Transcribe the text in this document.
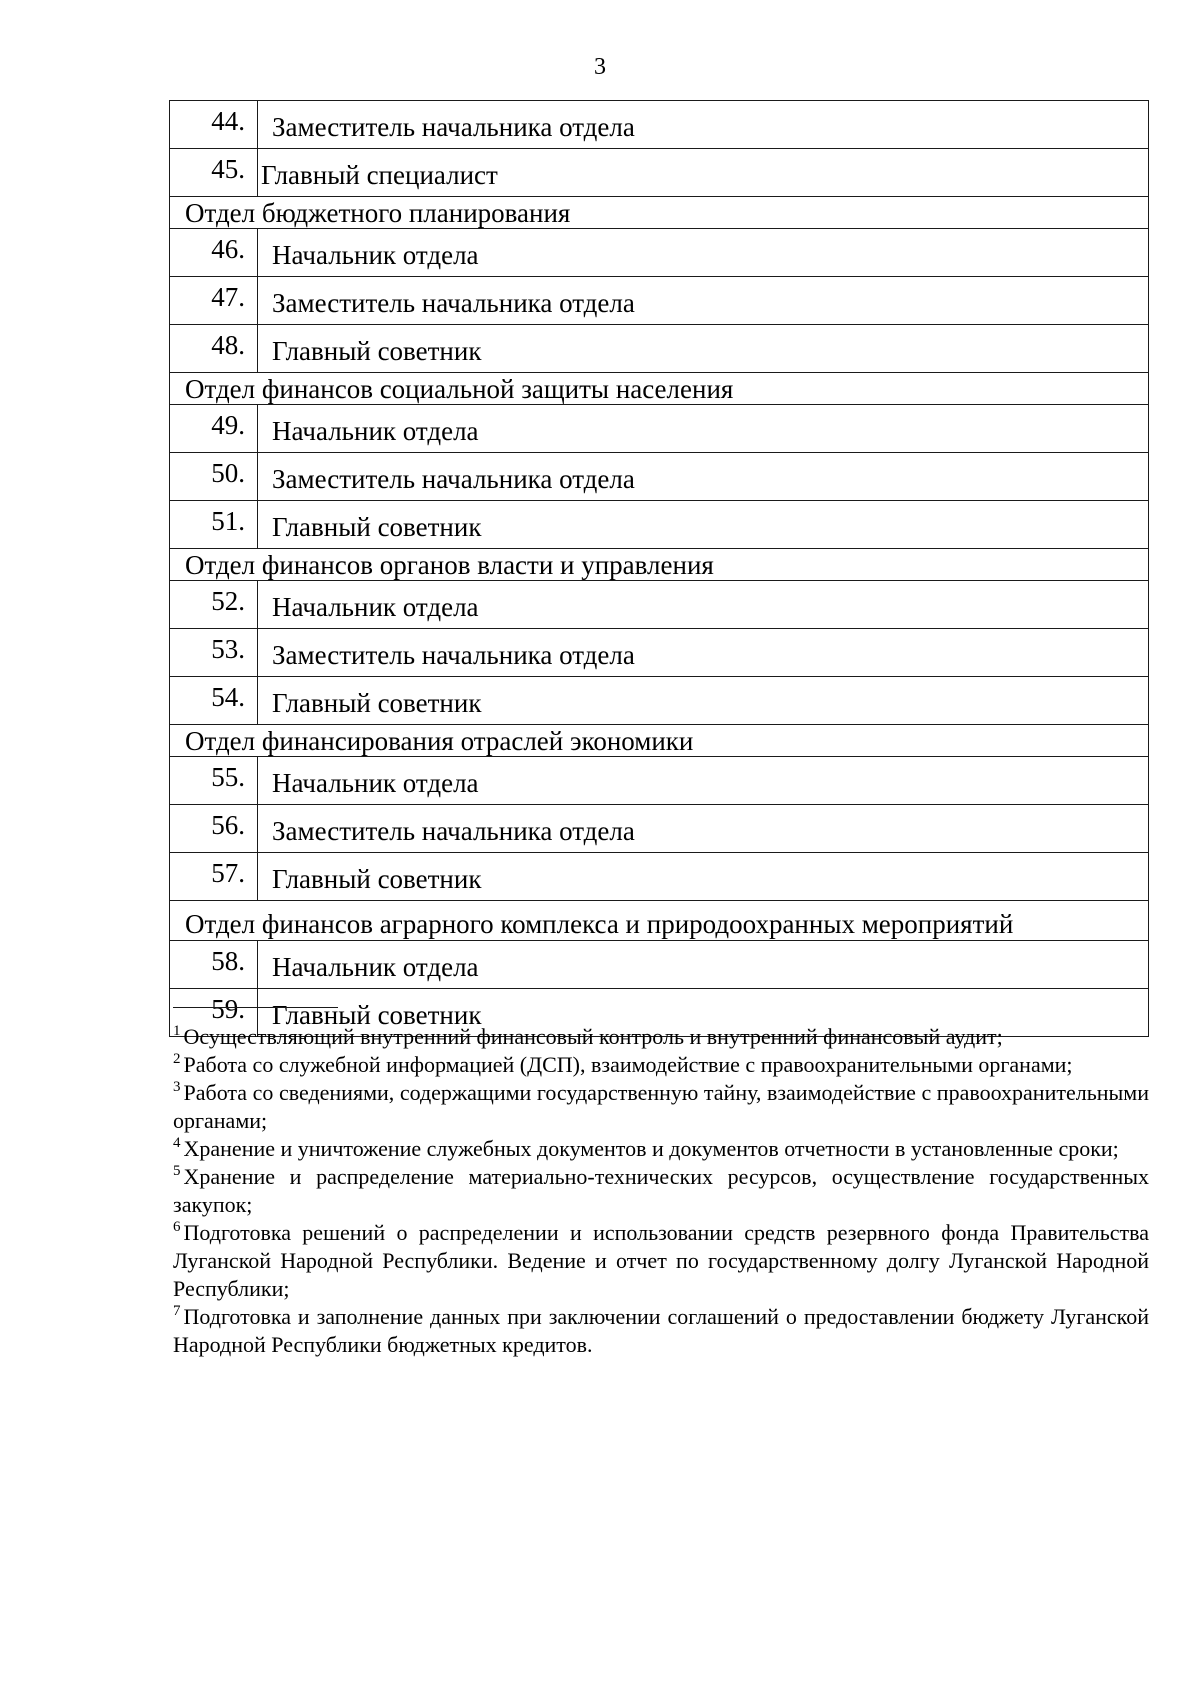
3
44.	Заместитель начальника отдела
45.	Главный специалист
Отдел бюджетного планирования	
46.	Начальник отдела
47.	Заместитель начальника отдела
48.	Главный советник
Отдел финансов социальной защиты населения	
49.	Начальник отдела
50.	Заместитель начальника отдела
51.	Главный советник
Отдел финансов органов власти и управления	
52.	Начальник отдела
53.	Заместитель начальника отдела
54.	Главный советник
Отдел финансирования отраслей экономики	
55.	Начальник отдела
56.	Заместитель начальника отдела
57.	Главный советник
Отдел финансов аграрного комплекса и природоохранных мероприятий	
58.	Начальник отдела
59.	Главный советник

$^1$ Осуществляющий внутренний финансовый контроль и внутренний финансовый аудит;

$^2$ Работа со служебной информацией (ДСП), взаимодействие с правоохранительными органами;

$^3$ Работа со сведениями, содержащими государственную тайну, взаимодействие с правоохранительными органами;

$^4$ Хранение и уничтожение служебных документов и документов отчетности в установленные сроки;

$^5$ Хранение и распределение материально-технических ресурсов, осуществление государственных закупок;

$^6$ Подготовка решений о распределении и использовании средств резервного фонда Правительства Луганской Народной Республики. Ведение и отчет по государственному долгу Луганской Народной Республики;

$^7$ Подготовка и заполнение данных при заключении соглашений о предоставлении бюджету Луганской Народной Республики бюджетных кредитов.
